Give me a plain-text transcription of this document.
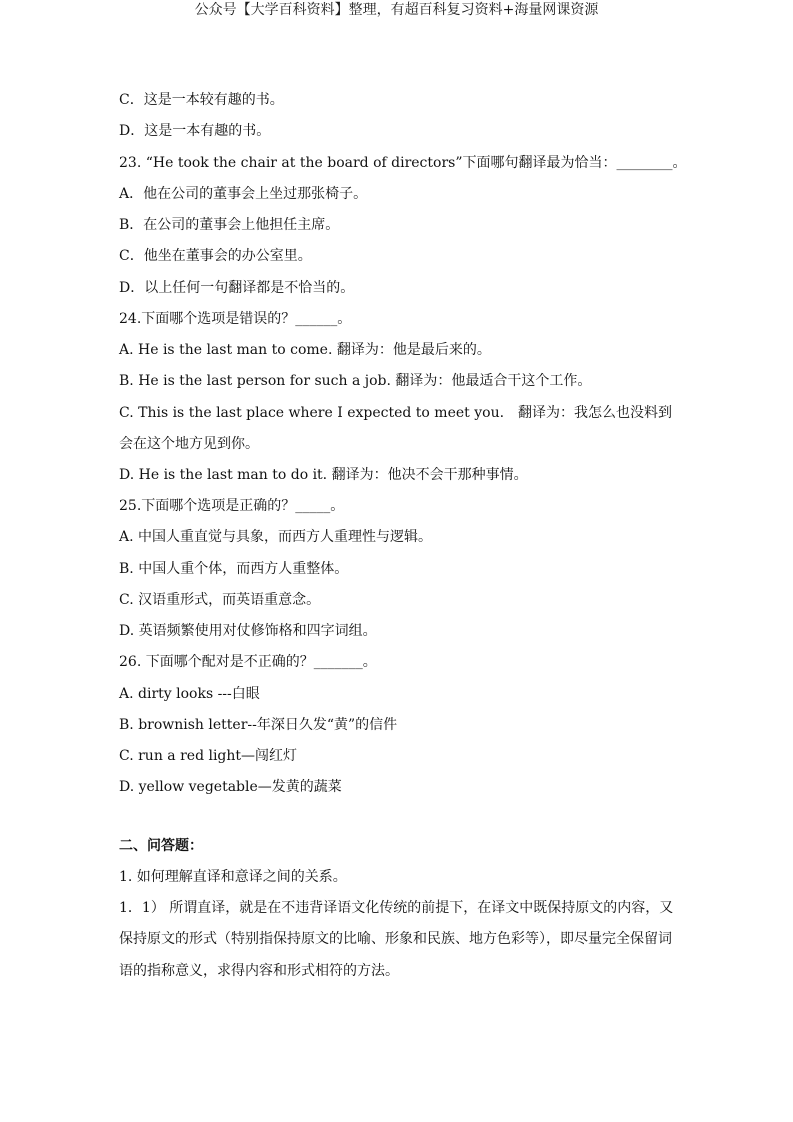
公众号【大学百科资料】整理，有超百科复习资料+海量网课资源
C．这是一本较有趣的书。
D．这是一本有趣的书。
23. “He took the chair at the board of directors”下面哪句翻译最为恰当：________。
A．他在公司的董事会上坐过那张椅子。
B．在公司的董事会上他担任主席。
C．他坐在董事会的办公室里。
D．以上任何一句翻译都是不恰当的。
24.下面哪个选项是错误的？______。
A. He is the last man to come. 翻译为：他是最后来的。
B. He is the last person for such a job. 翻译为：他最适合干这个工作。
C. This is the last place where I expected to meet you.　翻译为：我怎么也没料到会在这个地方见到你。
D. He is the last man to do it. 翻译为：他决不会干那种事情。
25.下面哪个选项是正确的？_____。
A. 中国人重直觉与具象，而西方人重理性与逻辑。
B. 中国人重个体，而西方人重整体。
C. 汉语重形式，而英语重意念。
D. 英语频繁使用对仗修饰格和四字词组。
26. 下面哪个配对是不正确的？_______。
A. dirty looks ---白眼
B. brownish letter--年深日久发“黄”的信件
C. run a red light—闯红灯
D. yellow vegetable—发黄的蔬菜
二、问答题：
1. 如何理解直译和意译之间的关系。
1．1） 所谓直译，就是在不违背译语文化传统的前提下，在译文中既保持原文的内容，又保持原文的形式（特别指保持原文的比喻、形象和民族、地方色彩等），即尽量完全保留词语的指称意义，求得内容和形式相符的方法。
